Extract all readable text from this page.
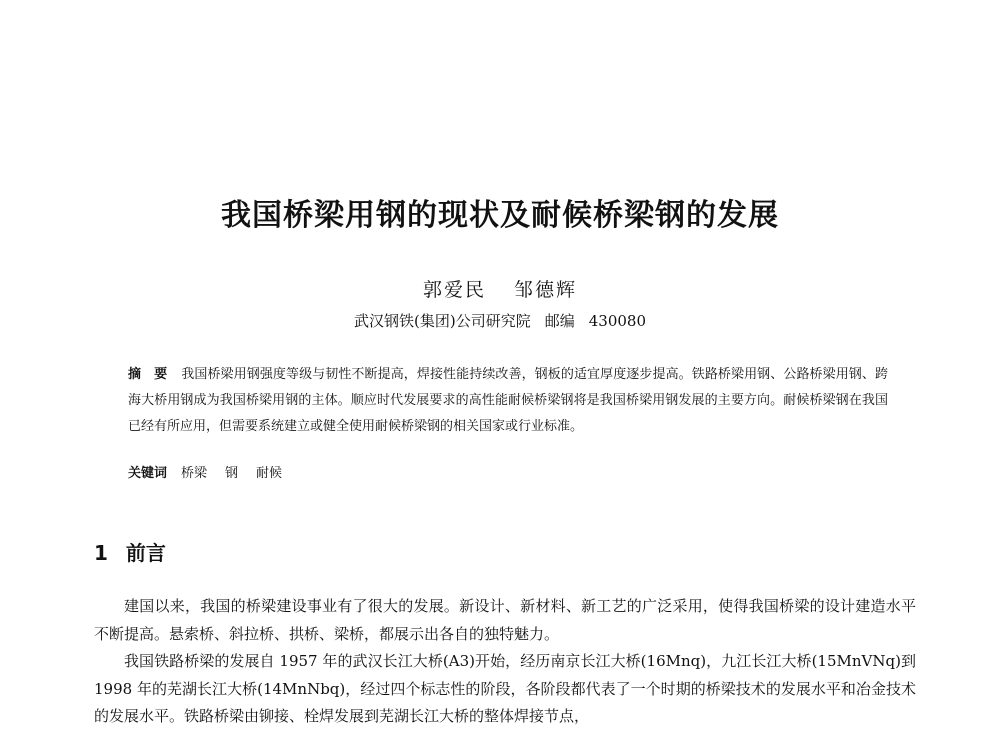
我国桥梁用钢的现状及耐候桥梁钢的发展
郭爱民 邹德辉
武汉钢铁(集团)公司研究院 邮编 430080
摘　要 我国桥梁用钢强度等级与韧性不断提高，焊接性能持续改善，钢板的适宜厚度逐步提高。铁路桥梁用钢、公路桥梁用钢、跨海大桥用钢成为我国桥梁用钢的主体。顺应时代发展要求的高性能耐候桥梁钢将是我国桥梁用钢发展的主要方向。耐候桥梁钢在我国已经有所应用，但需要系统建立或健全使用耐候桥梁钢的相关国家或行业标准。
关键词 桥梁 钢 耐候
1 前言

建国以来，我国的桥梁建设事业有了很大的发展。新设计、新材料、新工艺的广泛采用，使得我国桥梁的设计建造水平不断提高。悬索桥、斜拉桥、拱桥、梁桥，都展示出各自的独特魅力。

我国铁路桥梁的发展自 1957 年的武汉长江大桥(A3)开始，经历南京长江大桥(16Mnq)，九江长江大桥(15MnVNq)到 1998 年的芜湖长江大桥(14MnNbq)，经过四个标志性的阶段，各阶段都代表了一个时期的桥梁技术的发展水平和冶金技术的发展水平。铁路桥梁由铆接、栓焊发展到芜湖长江大桥的整体焊接节点，
